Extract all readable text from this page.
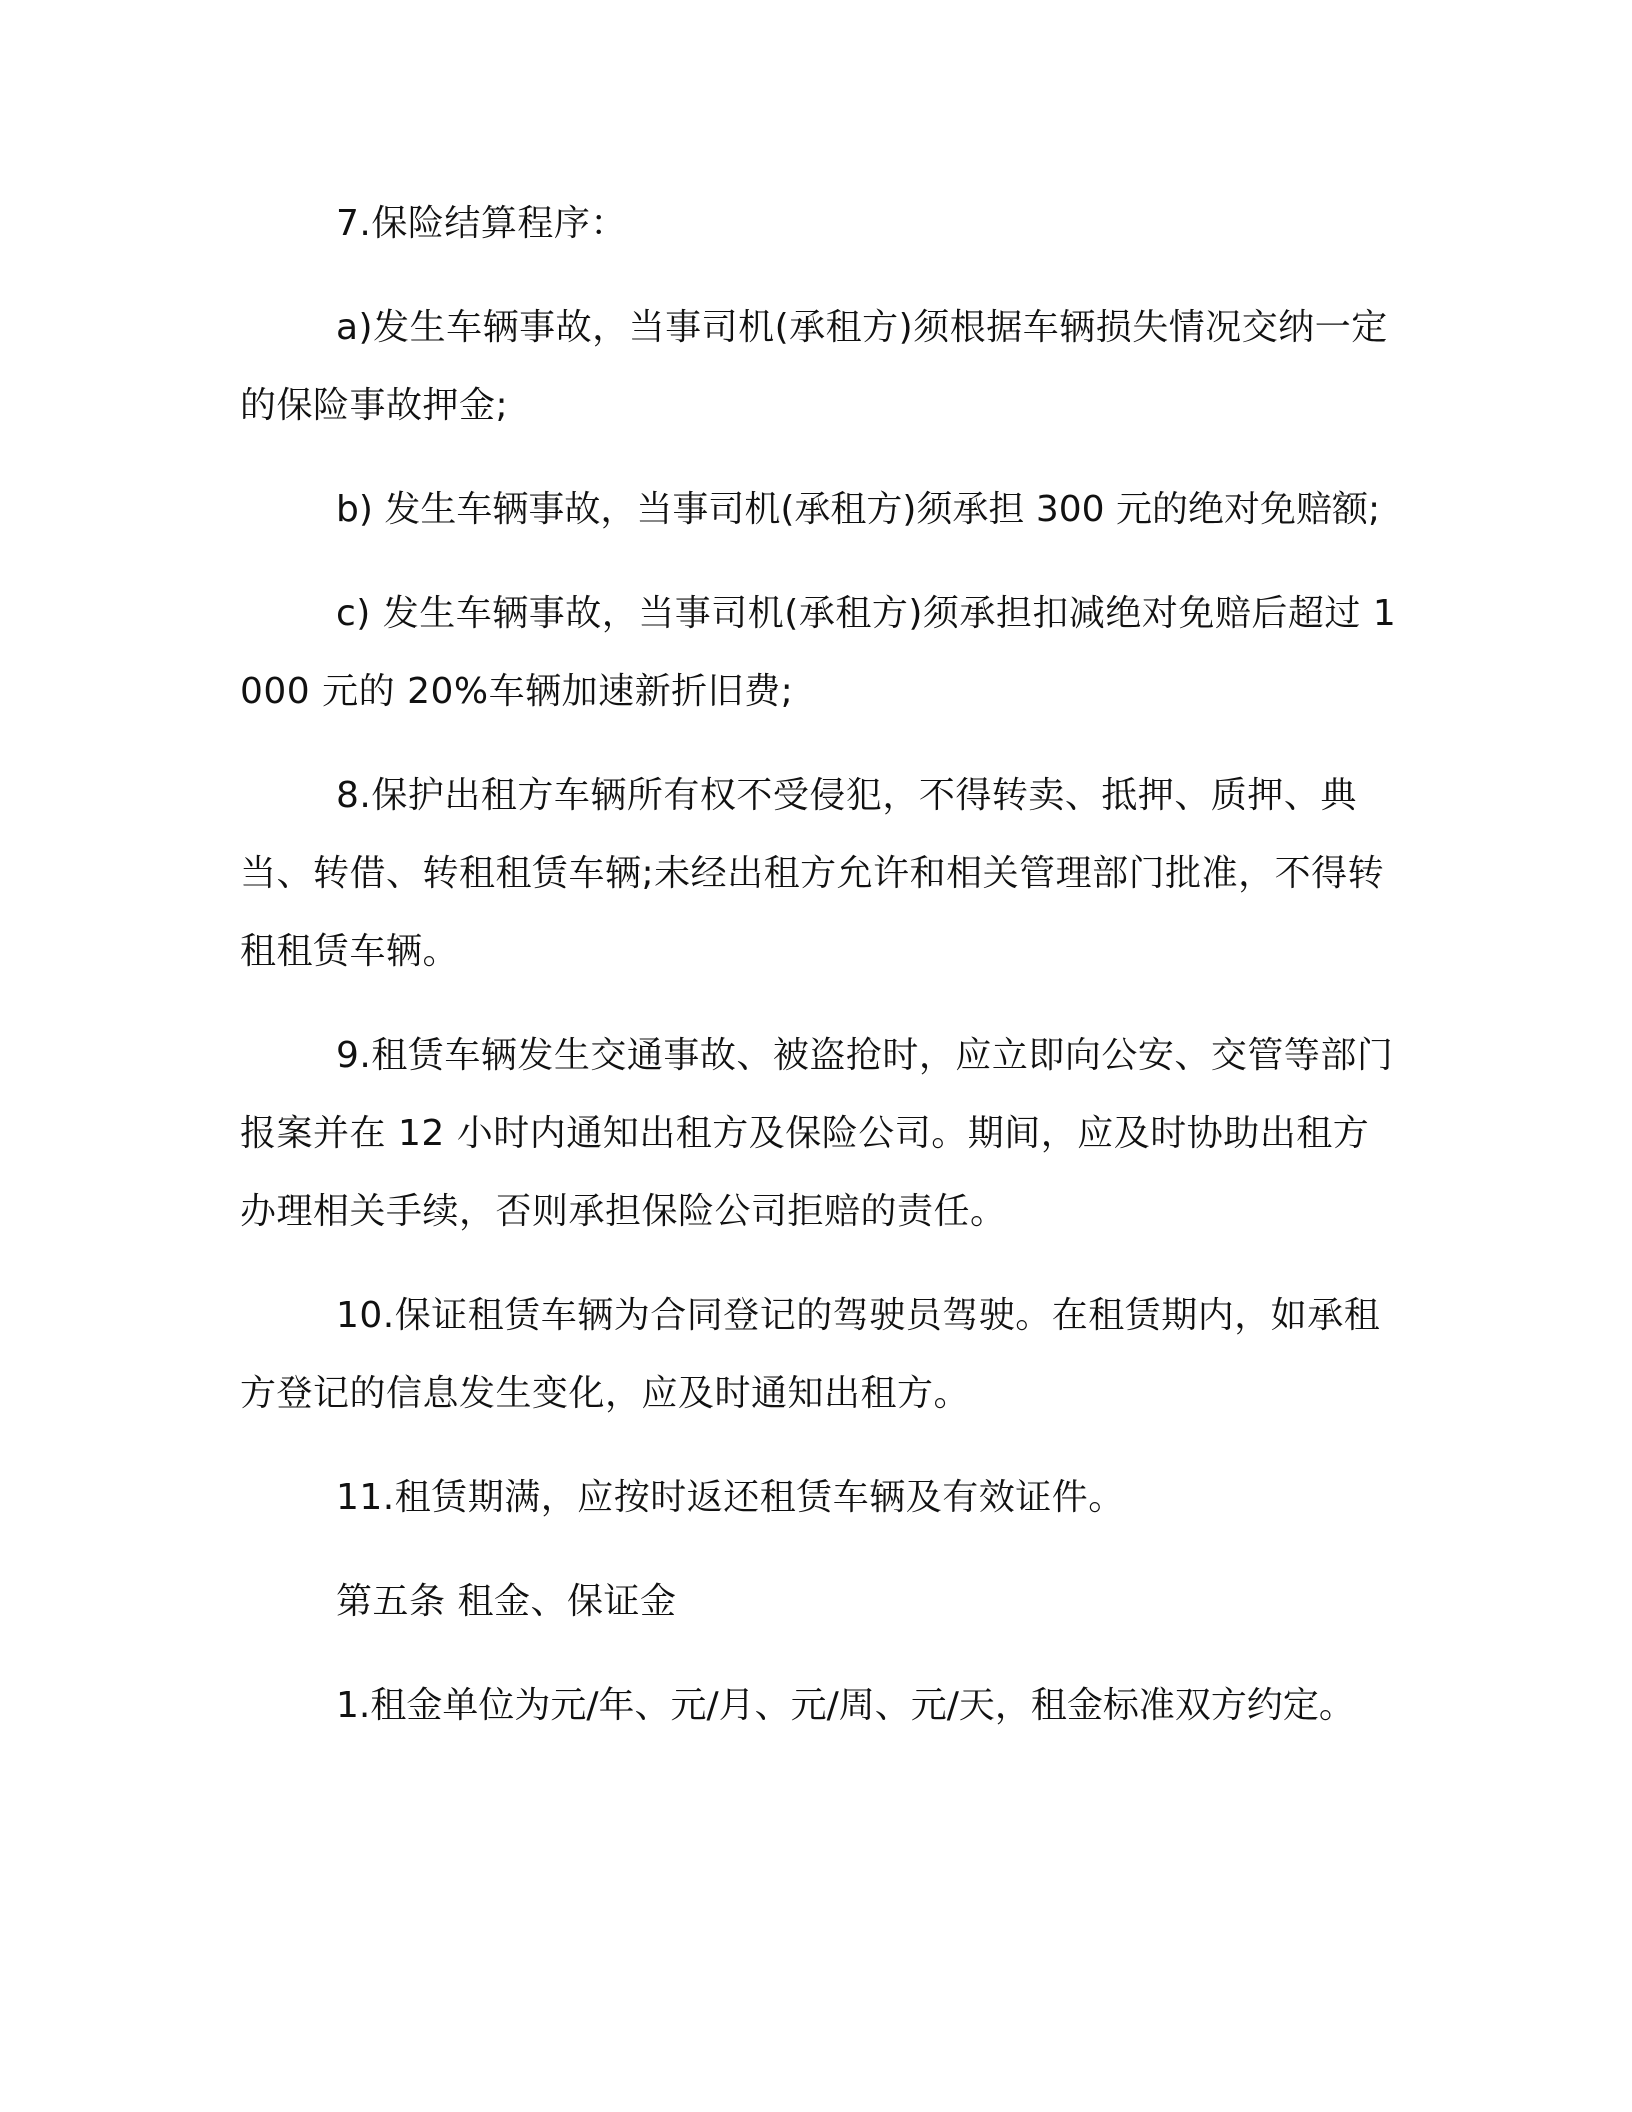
7.保险结算程序：

a)发生车辆事故，当事司机(承租方)须根据车辆损失情况交纳一定的保险事故押金;

b) 发生车辆事故，当事司机(承租方)须承担 300 元的绝对免赔额;

c) 发生车辆事故，当事司机(承租方)须承担扣减绝对免赔后超过 1000 元的 20%车辆加速新折旧费;

8.保护出租方车辆所有权不受侵犯，不得转卖、抵押、质押、典当、转借、转租租赁车辆;未经出租方允许和相关管理部门批准，不得转租租赁车辆。

9.租赁车辆发生交通事故、被盗抢时，应立即向公安、交管等部门报案并在 12 小时内通知出租方及保险公司。期间，应及时协助出租方办理相关手续，否则承担保险公司拒赔的责任。

10.保证租赁车辆为合同登记的驾驶员驾驶。在租赁期内，如承租方登记的信息发生变化，应及时通知出租方。

11.租赁期满，应按时返还租赁车辆及有效证件。

第五条 租金、保证金

1.租金单位为元/年、元/月、元/周、元/天，租金标准双方约定。
